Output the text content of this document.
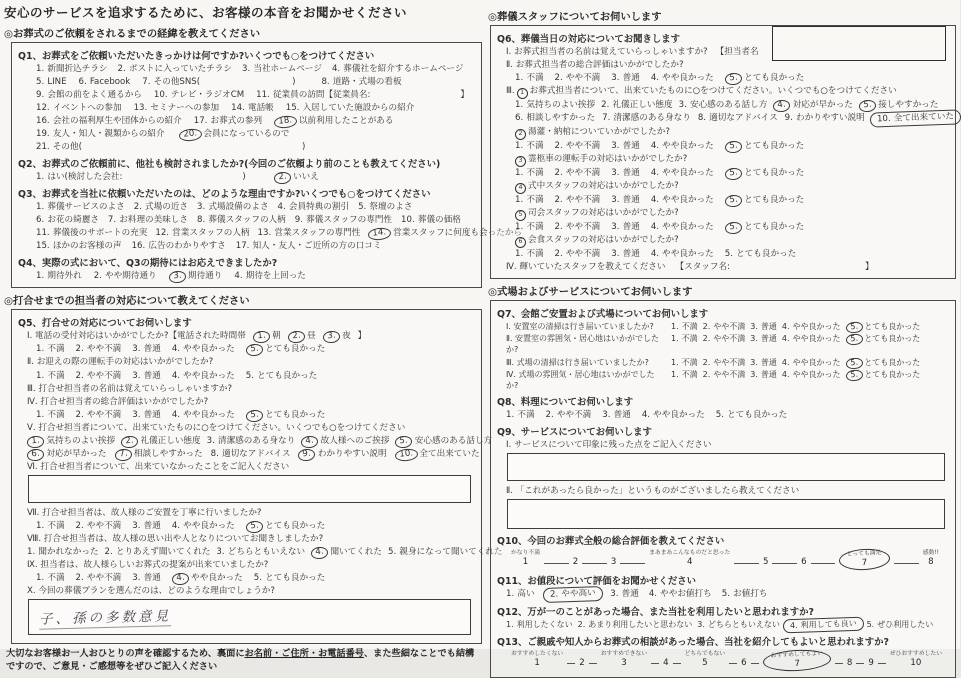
安心のサービスを追求するために、お客様の本音をお聞かせください
◎お葬式のご依頼をされるまでの経緯を教えてください
Q1、お葬式をご依頼いただいたきっかけは何ですか?いくつでも○をつけてください
1. 新聞折込チラシ 2. ポストに入っていたチラシ 3. 当社ホームページ 4. 葬儀社を紹介するホームページ
5. LINE 6. Facebook 7. その他SNS(	)	8. 道路・式場の看板
9. 会館の前をよく通るから 10. テレビ・ラジオCM 11. 従業員の訪問【従業員名:	】
12. イベントへの参加 13. セミナーへの参加 14. 電話帳 15. 入居していた施設からの紹介
16. 会社の福利厚生や団体からの紹介 17. お葬式の参列	18. 以前利用したことがある
19. 友人・知人・親類からの紹介	20. 会員になっているので
21. その他(	)
Q2、お葬式のご依頼前に、他社も検討されましたか?(今回のご依頼より前のことも教えてください)
1. はい(検討した会社:	)	2. いいえ
Q3、お葬式を当社に依頼いただいたのは、どのような理由ですか?いくつでも○をつけてください
1. 葬儀サービスのよさ 2. 式場の近さ 3. 式場設備のよさ 4. 会員特典の割引 5. 祭壇のよさ
6. お花の綺麗さ 7. お料理の美味しさ 8. 葬儀スタッフの人柄 9. 葬儀スタッフの専門性 10. 葬儀の価格
11. 葬儀後のサポートの充実 12. 営業スタッフの人柄 13. 営業スタッフの専門性	14. 営業スタッフに何度も会ったから
15. ほかのお客様の声 16. 広告のわかりやすさ 17. 知人・友人・ご近所の方の口コミ
Q4、実際の式において、Q3の期待にはお応えできましたか?
1. 期待外れ 2. やや期待通り	3. 期待通り 4. 期待を上回った
◎打合せまでの担当者の対応について教えてください
Q5、打合せの対応についてお伺いします
Ⅰ. 電話の受付対応はいかがでしたか?【電話された時間帯	1. 朝	2. 昼	3. 夜 】
1. 不満 2. やや不満 3. 普通 4. やや良かった	5. とても良かった
Ⅱ. お迎えの際の運転手の対応はいかがでしたか?
1. 不満 2. やや不満 3. 普通 4. やや良かった 5. とても良かった
Ⅲ. 打合せ担当者の名前は覚えていらっしゃいますか?
Ⅳ. 打合せ担当者の総合評価はいかがでしたか?
1. 不満 2. やや不満 3. 普通 4. やや良かった	5. とても良かった
Ⅴ. 打合せ担当者について、出来ていたものに○をつけてください。いくつでも○をつけてください
1. 気持ちのよい挨拶	2. 礼儀正しい態度 3. 清潔感のある身なり	4. 故人様へのご挨拶	5. 安心感のある話し方
6. 対応が早かった	7. 相談しやすかった 8. 適切なアドバイス	9. わかりやすい説明	10. 全て出来ていた
Ⅵ. 打合せ担当者について、出来ていなかったことをご記入ください
Ⅶ. 打合せ担当者は、故人様のご安置を丁寧に行いましたか?
1. 不満 2. やや不満 3. 普通 4. やや良かった	5. とても良かった
Ⅷ. 打合せ担当者は、故人様の思い出や人となりについてお聞きしましたか?
1. 聞かれなかった 2. とりあえず聞いてくれた 3. どちらともいえない	4. 聞いてくれた 5. 親身になって聞いてくれた
Ⅸ. 担当者は、故人様らしいお葬式の提案が出来ていましたか?
1. 不満 2. やや不満 3. 普通	4. やや良かった 5. とても良かった
Ⅹ. 今回の葬儀プランを選んだのは、どのような理由でしょうか?
子、孫の多数意見
大切なお客様お一人おひとりの声を確認するため、裏面にお名前・ご住所・お電話番号、また些細なことでも結構ですので、ご意見・ご感想等をぜひご記入ください
◎葬儀スタッフについてお伺いします
Q6、葬儀当日の対応についてお聞きします
Ⅰ. お葬式担当者の名前は覚えていらっしゃいますか? 【担当者名
Ⅱ. お葬式担当者の総合評価はいかがでしたか?
1. 不満 2. やや不満 3. 普通 4. やや良かった	5. とても良かった
Ⅲ. 1 お葬式担当者について、出来ていたものに○をつけてください。いくつでも○をつけてください
1. 気持ちのよい挨拶 2. 礼儀正しい態度 3. 安心感のある話し方	4. 対応が早かった	5. 接しやすかった
6. 相談しやすかった 7. 清潔感のある身なり 8. 適切なアドバイス 9. わかりやすい説明	10. 全て出来ていた
2 湯灌・納棺についていかがでしたか?
1. 不満 2. やや不満 3. 普通 4. やや良かった	5. とても良かった
3 霊柩車の運転手の対応はいかがでしたか?
1. 不満 2. やや不満 3. 普通 4. やや良かった	5. とても良かった
4 式中スタッフの対応はいかがでしたか?
1. 不満 2. やや不満 3. 普通 4. やや良かった	5. とても良かった
5 司会スタッフの対応はいかがでしたか?
1. 不満 2. やや不満 3. 普通 4. やや良かった	5. とても良かった
6 会食スタッフの対応はいかがでしたか?
1. 不満 2. やや不満 3. 普通 4. やや良かった 5. とても良かった
Ⅳ. 輝いていたスタッフを教えてください 【スタッフ名:	】
◎式場およびサービスについてお伺いします
Q7、会館ご安置および式場についてお伺いします
Ⅰ. 安置室の清掃は行き届いていましたか?	1. 不満 2. やや不満 3. 普通 4. やや良かった	5. とても良かった
Ⅱ. 安置室の雰囲気・居心地はいかがでしたか?
1. 不満 2. やや不満 3. 普通 4. やや良かった	5. とても良かった
Ⅲ. 式場の清掃は行き届いていましたか?	1. 不満 2. やや不満 3. 普通 4. やや良かった	5. とても良かった
Ⅳ. 式場の雰囲気・居心地はいかがでしたか?
1. 不満 2. やや不満 3. 普通 4. やや良かった	5. とても良かった
Q8、料理についてお伺いします
1. 不満 2. やや不満 3. 普通 4. やや良かった 5. とても良かった
Q9、サービスについてお伺いします
Ⅰ. サービスについて印象に残った点をご記入ください
Ⅱ. 「これがあったら良かった」というものがございましたら教えてください
Q10、今回のお葬式全般の総合評価を教えてください
かなり不満
1
	2
	3
まあまあこんなものだと思った
4
	5
	6
とっても満足
7
感動!!
8
Q11、お値段について評価をお聞かせください
1. 高い	2. やや高い	3. 普通 4. ややお値打ち 5. お値打ち
Q12、万が一のことがあった場合、また当社を利用したいと思われますか?
1. 利用したくない 2. あまり利用したいと思わない 3. どちらともいえない	4. 利用しても良い	5. ぜひ利用したい
Q13、ご親戚や知人からお葬式の相談があった場合、当社を紹介してもよいと思われますか?
おすすめしたくない
1
	2
おすすめできない
3
	4
どちらでもない
5
	6
おすすめしてもよい
7
	8
9
ぜひおすすめしたい
10
